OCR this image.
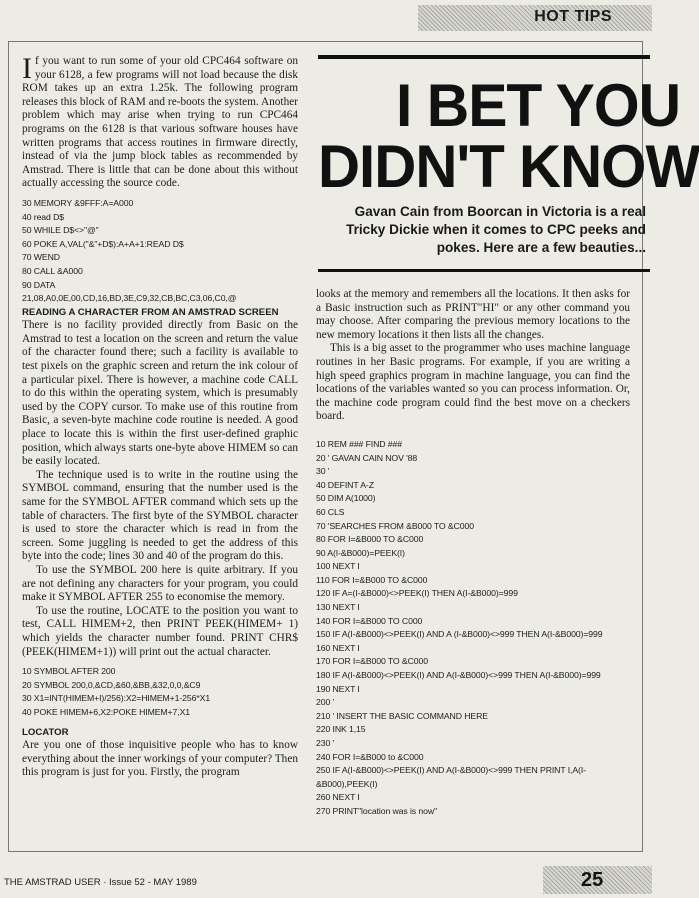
HOT TIPS
I BET YOU
DIDN'T KNOW
Gavan Cain from Boorcan in Victoria is a real Tricky Dickie when it comes to CPC peeks and pokes. Here are a few beauties...

If you want to run some of your old CPC464 software on your 6128, a few programs will not load because the disk ROM takes up an extra 1.25k. The following program releases this block of RAM and re-boots the system. Another problem which may arise when trying to run CPC464 programs on the 6128 is that various software houses have written programs that access routines in firmware directly, instead of via the jump block tables as recommended by Amstrad. There is little that can be done about this without actually accessing the source code.

30 MEMORY &9FFF:A=A000
40 read D$
50 WHILE D$<>"@"
60 POKE A,VAL("&"+D$):A+A+1:READ D$
70 WEND
80 CALL &A000
90 DATA
21,08,A0,0E,00,CD,16,BD,3E,C9,32,CB,BC,C3,06,C0,@
READING A CHARACTER FROM AN AMSTRAD SCREEN

There is no facility provided directly from Basic on the Amstrad to test a location on the screen and return the value of the character found there; such a facility is available to test pixels on the graphic screen and return the ink colour of a particular pixel. There is however, a machine code CALL to do this within the operating system, which is presumably used by the COPY cursor. To make use of this routine from Basic, a seven-byte machine code routine is needed. A good place to locate this is within the first user-defined graphic position, which always starts one-byte above HIMEM so can be easily located.

The technique used is to write in the routine using the SYMBOL command, ensuring that the number used is the same for the SYMBOL AFTER command which sets up the table of characters. The first byte of the SYMBOL character is used to store the character which is read in from the screen. Some juggling is needed to get the address of this byte into the code; lines 30 and 40 of the program do this.

To use the SYMBOL 200 here is quite arbitrary. If you are not defining any characters for your program, you could make it SYMBOL AFTER 255 to economise the memory.

To use the routine, LOCATE to the position you want to test, CALL HIMEM+2, then PRINT PEEK(HIMEM+ 1) which yields the character number found. PRINT CHR$ (PEEK(HIMEM+1)) will print out the actual character.

10 SYMBOL AFTER 200
20 SYMBOL 200,0,&CD,&60,&BB,&32,0,0,&C9
30 X1=INT(HIMEM+I)/256):X2=HIMEM+1-256*X1
40 POKE HIMEM+6,X2:POKE HIMEM+7,X1
LOCATOR

Are you one of those inquisitive people who has to know everything about the inner workings of your computer? Then this program is just for you. Firstly, the program

looks at the memory and remembers all the locations. It then asks for a Basic instruction such as PRINT"HI" or any other command you may choose. After comparing the previous memory locations to the new memory locations it then lists all the changes.

This is a big asset to the programmer who uses machine language routines in her Basic programs. For example, if you are writing a high speed graphics program in machine language, you can find the locations of the variables wanted so you can process information. Or, the machine code program could find the best move on a checkers board.

10 REM ### FIND ###
20 ' GAVAN CAIN NOV '88
30 '
40 DEFINT A-Z
50 DIM A(1000)
60 CLS
70 'SEARCHES FROM &B000 TO &C000
80 FOR I=&B000 TO &C000
90 A(I-&B000)=PEEK(I)
100 NEXT I
110 FOR I=&B000 TO &C000
120 IF A=(I-&B000)<>PEEK(I) THEN A(I-&B000)=999
130 NEXT I
140 FOR I=&B000 TO C000
150 IF A(I-&B000)<>PEEK(I) AND A (I-&B000)<>999 THEN A(I-&B000)=999
160 NEXT I
170 FOR I=&B000 TO &C000
180 IF A(I-&B000)<>PEEK(I) AND A(I-&B000)<>999 THEN A(I-&B000)=999
190 NEXT I
200 '
210 ' INSERT THE BASIC COMMAND HERE
220 INK 1,15
230 '
240 FOR I=&B000 to &C000
250 IF A(I-&B000)<>PEEK(I) AND A(I-&B000)<>999 THEN PRINT I,A(I-&B000),PEEK(I)
260 NEXT I
270 PRINT"location was is now"
THE AMSTRAD USER · Issue 52 - MAY 1989	25
